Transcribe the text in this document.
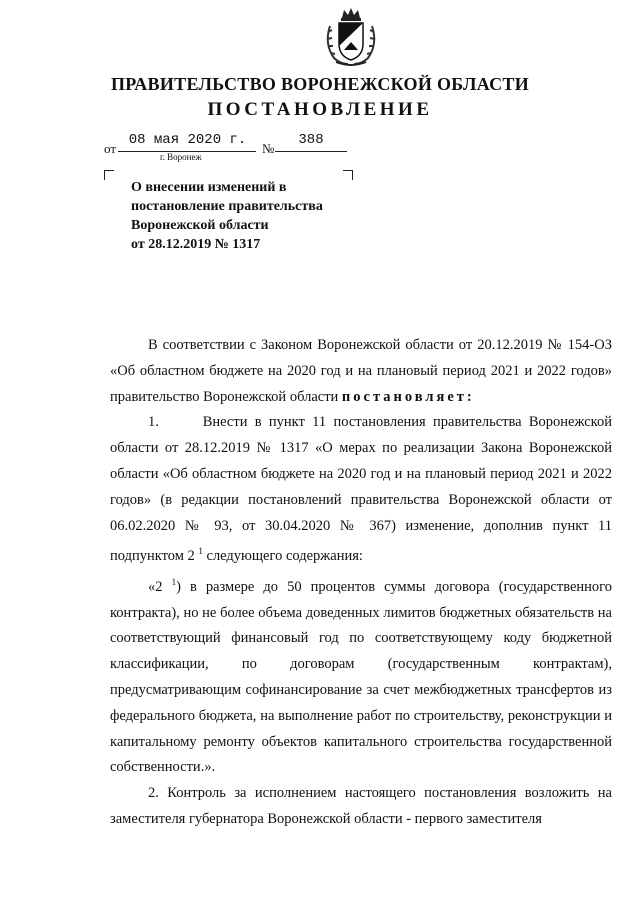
ПРАВИТЕЛЬСТВО ВОРОНЕЖСКОЙ ОБЛАСТИ
ПОСТАНОВЛЕНИЕ
от
08 мая 2020 г.
№
388
г. Воронеж
О внесении изменений в
постановление правительства
Воронежской области
от 28.12.2019 № 1317

В соответствии с Законом Воронежской области от 20.12.2019 № 154-ОЗ «Об областном бюджете на 2020 год и на плановый период 2021 и 2022 годов» правительство Воронежской области постановляет:

1.	Внести в пункт 11 постановления правительства Воронежской области от 28.12.2019 № 1317 «О мерах по реализации Закона Воронежской области «Об областном бюджете на 2020 год и на плановый период 2021 и 2022 годов» (в редакции постановлений правительства Воронежской области от 06.02.2020 № 93, от 30.04.2020 № 367) изменение, дополнив пункт 11 подпунктом 2 $^1$ следующего содержания:

«2 $^1$) в размере до 50 процентов суммы договора (государственного контракта), но не более объема доведенных лимитов бюджетных обязательств на соответствующий финансовый год по соответствующему коду бюджетной классификации, по договорам (государственным контрактам), предусматривающим софинансирование за счет межбюджетных трансфертов из федерального бюджета, на выполнение работ по строительству, реконструкции и капитальному ремонту объектов капитального строительства государственной собственности.».

2. Контроль за исполнением настоящего постановления возложить на заместителя губернатора Воронежской области - первого заместителя
